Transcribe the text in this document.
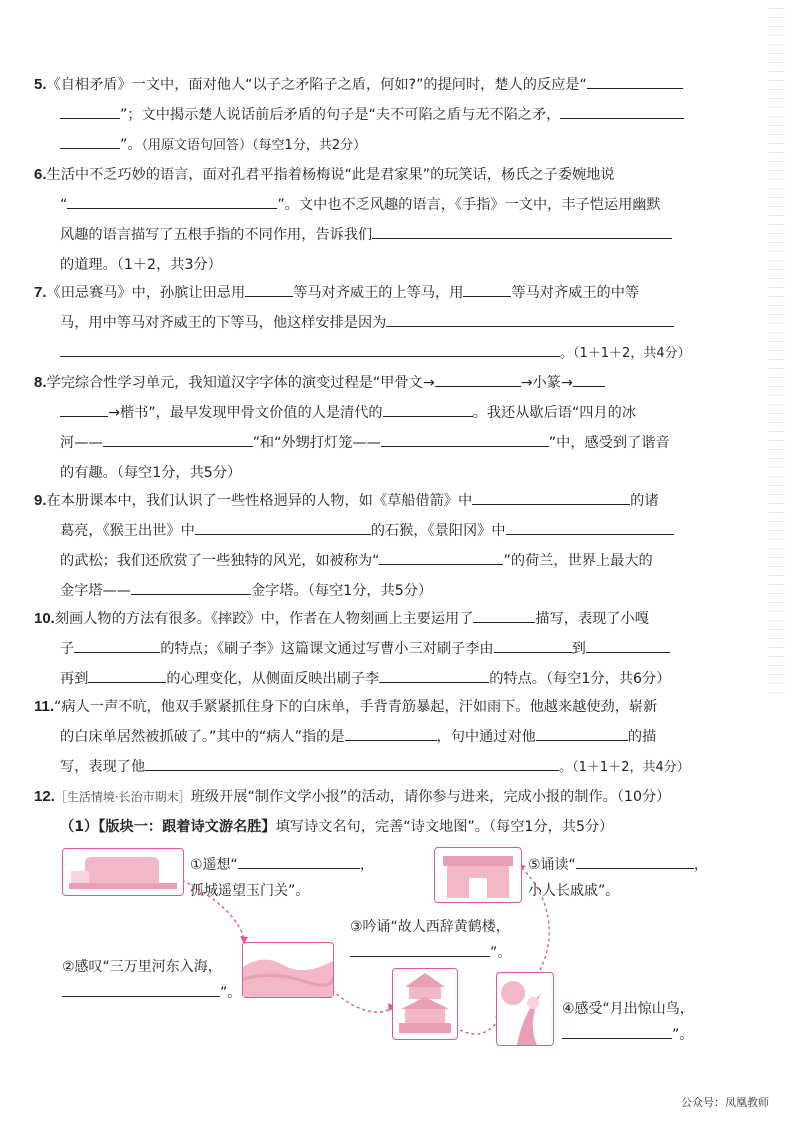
5.《自相矛盾》一文中，面对他人“以子之矛陷子之盾，何如?”的提问时，楚人的反应是“
”；文中揭示楚人说话前后矛盾的句子是“夫不可陷之盾与无不陷之矛，
”。（用原文语句回答）（每空1分，共2分）
6.生活中不乏巧妙的语言，面对孔君平指着杨梅说“此是君家果”的玩笑话，杨氏之子委婉地说
“	”。文中也不乏风趣的语言，《手指》一文中，丰子恺运用幽默
风趣的语言描写了五根手指的不同作用，告诉我们
的道理。（1＋2，共3分）
7.《田忌赛马》中，孙膑让田忌用	等马对齐威王的上等马，用	等马对齐威王的中等
马，用中等马对齐威王的下等马，他这样安排是因为
。（1＋1＋2，共4分）
8.学完综合性学习单元，我知道汉字字体的演变过程是“甲骨文→	→小篆→
→楷书”，最早发现甲骨文价值的人是清代的	。我还从歇后语“四月的冰
河——	”和“外甥打灯笼——	”中，感受到了谐音
的有趣。（每空1分，共5分）
9.在本册课本中，我们认识了一些性格迥异的人物，如《草船借箭》中	的诸
葛亮，《猴王出世》中	的石猴，《景阳冈》中
的武松；我们还欣赏了一些独特的风光，如被称为“	”的荷兰，世界上最大的
金字塔——	金字塔。（每空1分，共5分）
10.刻画人物的方法有很多。《摔跤》中，作者在人物刻画上主要运用了	描写，表现了小嘎
子	的特点；《刷子李》这篇课文通过写曹小三对刷子李由	到
再到	的心理变化，从侧面反映出刷子李	的特点。（每空1分，共6分）
11.“病人一声不吭，他双手紧紧抓住身下的白床单，手背青筋暴起，汗如雨下。他越来越使劲，崭新
的白床单居然被抓破了。”其中的“病人”指的是	，句中通过对他	的描
写，表现了他	。（1＋1＋2，共4分）
12.［生活情境·长治市期末］班级开展“制作文学小报”的活动，请你参与进来，完成小报的制作。（10分）
（1）【版块一：跟着诗文游名胜】填写诗文名句，完善“诗文地图”。（每空1分，共5分）
①遥想“	，
孤城遥望玉门关”。
⑤诵读“	，
小人长戚戚”。
③吟诵“故人西辞黄鹤楼，
”。
②感叹“三万里河东入海，
”。
④感受“月出惊山鸟，
”。
公众号：凤凰教师
